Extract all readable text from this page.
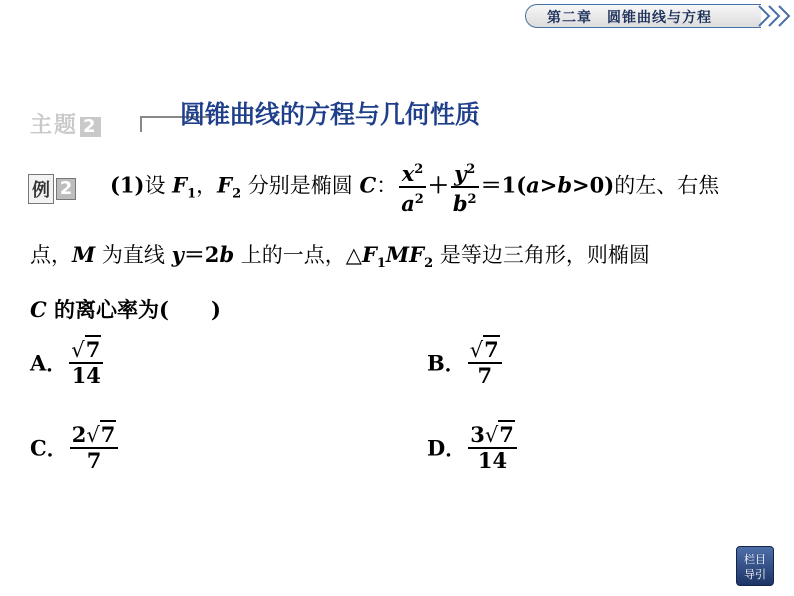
第二章　圆锥曲线与方程
主题 2	圆锥曲线的方程与几何性质
例 2 (1)设 $F_1$，$F_2$ 分别是椭圆 C： $\frac{x^2}{a^2} + \frac{y^2}{b^2} =1(a>b>0)$的左、右焦
点，M 为直线 y＝2b 上的一点，$\triangle F_1MF_2$ 是等边三角形，则椭圆
C 的离心率为(　　)
A． $\frac{√7}{14}$	B． $\frac{√7}{7}$
C． $\frac{2√7}{7}$	D． $\frac{3√7}{14}$
栏目
导引
